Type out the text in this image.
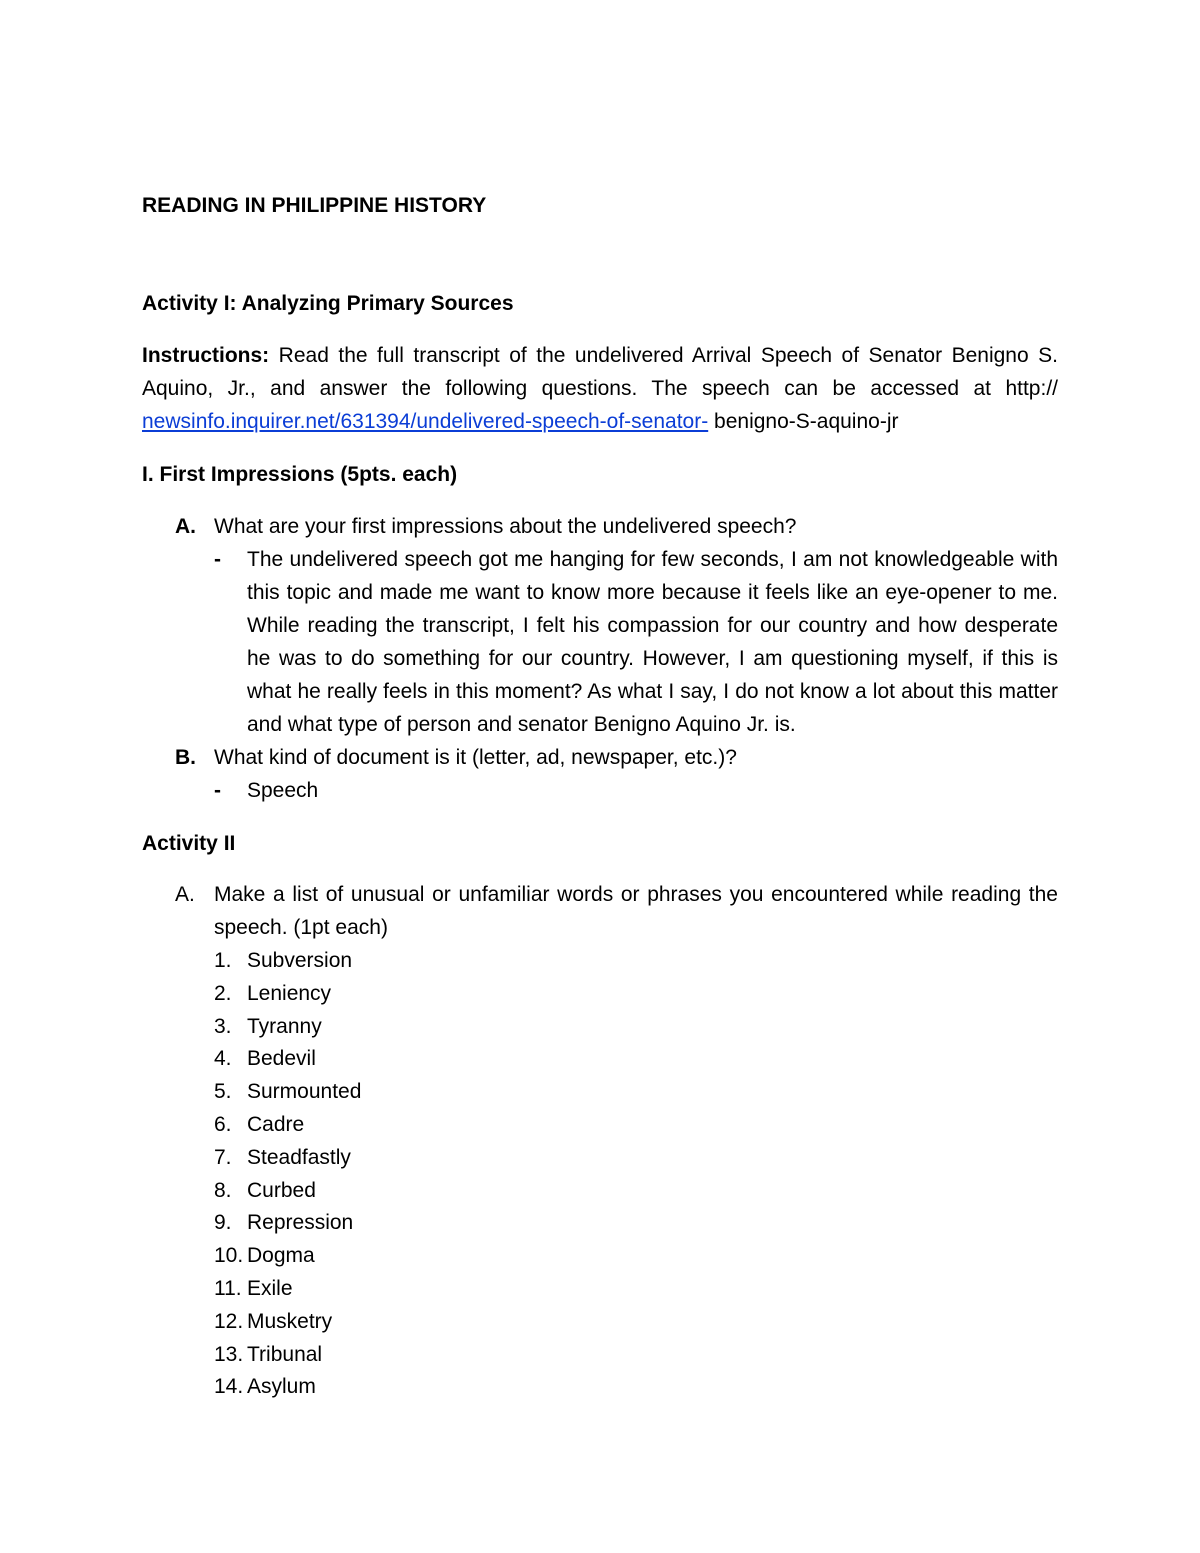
READING IN PHILIPPINE HISTORY
Activity I: Analyzing Primary Sources

Instructions: Read the full transcript of the undelivered Arrival Speech of Senator Benigno S. Aquino, Jr., and answer the following questions. The speech can be accessed at http://

newsinfo.inquirer.net/631394/undelivered-speech-of-senator- benigno-S-aquino-jr

I. First Impressions (5pts. each)
A. What are your first impressions about the undelivered speech?
- The undelivered speech got me hanging for few seconds, I am not knowledgeable with this topic and made me want to know more because it feels like an eye-opener to me. While reading the transcript, I felt his compassion for our country and how desperate he was to do something for our country. However, I am questioning myself, if this is what he really feels in this moment? As what I say, I do not know a lot about this matter and what type of person and senator Benigno Aquino Jr. is.

B. What kind of document is it (letter, ad, newspaper, etc.)?
- Speech
Activity II
A. Make a list of unusual or unfamiliar words or phrases you encountered while reading the
speech. (1pt each)
1. Subversion
2. Leniency
3. Tyranny
4. Bedevil
5. Surmounted
6. Cadre
7. Steadfastly
8. Curbed
9. Repression
10. Dogma
11. Exile
12. Musketry
13. Tribunal
14. Asylum
